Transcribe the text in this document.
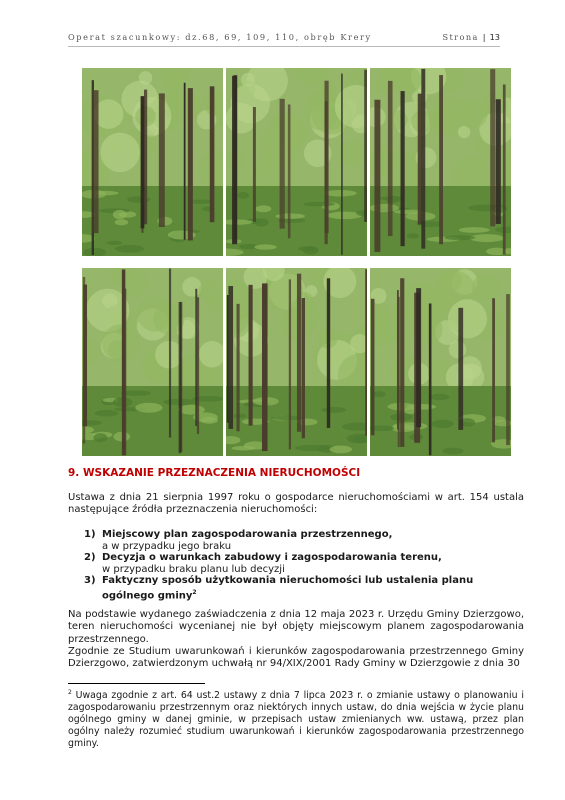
Operat szacunkowy: dz.68, 69, 109, 110, obręb Krery	Strona | 13
9. WSKAZANIE PRZEZNACZENIA NIERUCHOMOŚCI
Ustawa z dnia 21 sierpnia 1997 roku o gospodarce nieruchomościami w art. 154 ustala następujące źródła przeznaczenia nieruchomości:
1) Miejscowy plan zagospodarowania przestrzennego,
a w przypadku jego braku
2) Decyzja o warunkach zabudowy i zagospodarowania terenu,
w przypadku braku planu lub decyzji
3) Faktyczny sposób użytkowania nieruchomości lub ustalenia planu ogólnego gminy$^2$
Na podstawie wydanego zaświadczenia z dnia 12 maja 2023 r. Urzędu Gminy Dzierzgowo, teren nieruchomości wycenianej nie był objęty miejscowym planem zagospodarowania przestrzennego.
Zgodnie ze Studium uwarunkowań i kierunków zagospodarowania przestrzennego Gminy Dzierzgowo, zatwierdzonym uchwałą nr 94/XIX/2001 Rady Gminy w Dzierzgowie z dnia 30
$^2$ Uwaga zgodnie z art. 64 ust.2 ustawy z dnia 7 lipca 2023 r. o zmianie ustawy o planowaniu i zagospodarowaniu przestrzennym oraz niektórych innych ustaw, do dnia wejścia w życie planu ogólnego gminy w danej gminie, w przepisach ustaw zmienianych ww. ustawą, przez plan ogólny należy rozumieć studium uwarunkowań i kierunków zagospodarowania przestrzennego gminy.
